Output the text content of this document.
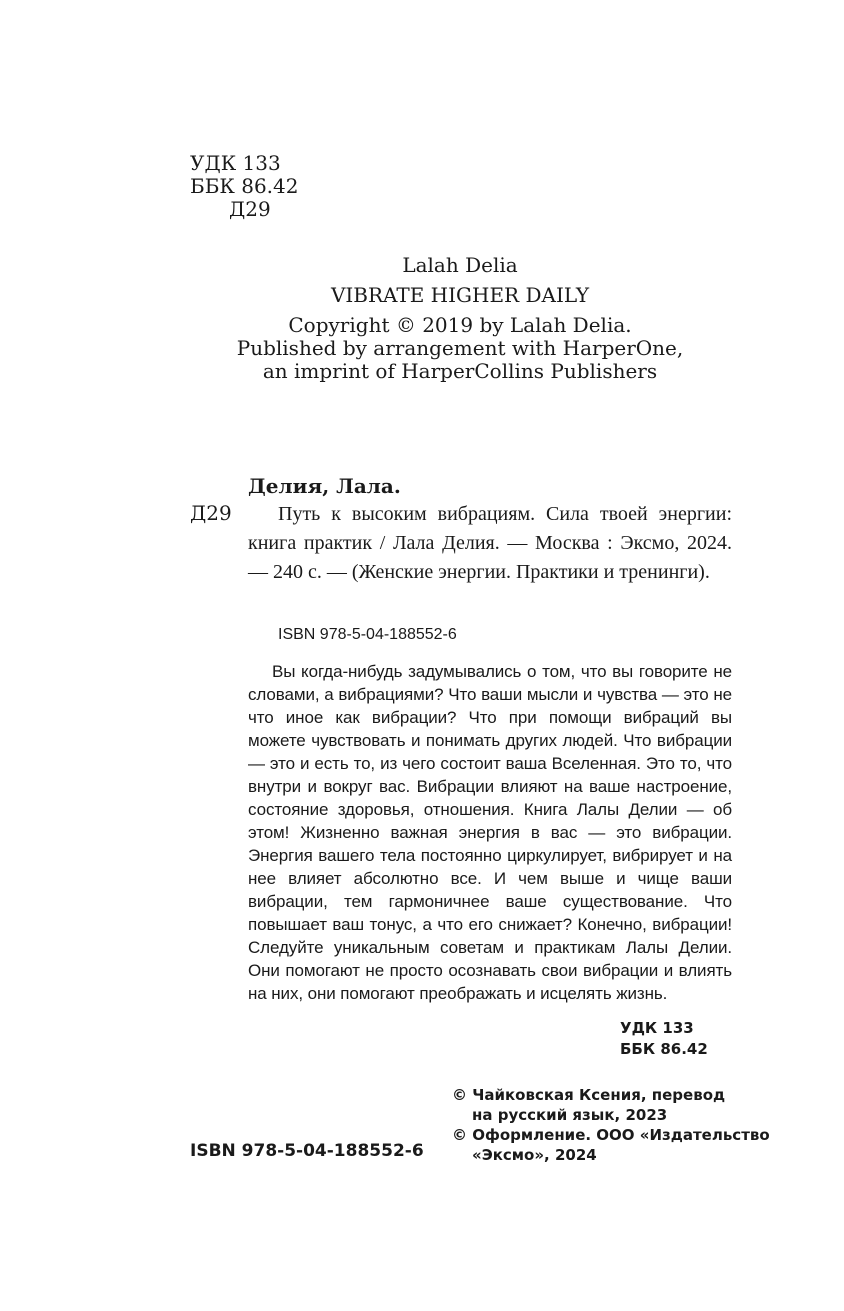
УДК 133
ББК 86.42
Д29
Lalah Delia
VIBRATE HIGHER DAILY
Copyright © 2019 by Lalah Delia.
Published by arrangement with HarperOne,
an imprint of HarperCollins Publishers
Делия, Лала.
Д29	Путь к высоким вибрациям. Сила твоей энергии: книга практик / Лала Делия. — Москва : Эксмо, 2024. — 240 с. — (Женские энергии. Практики и тренинги).
ISBN 978-5-04-188552-6
Вы когда-нибудь задумывались о том, что вы говорите не словами, а вибрациями? Что ваши мысли и чувства — это не что иное как вибрации? Что при помощи вибраций вы можете чувствовать и понимать других людей. Что вибрации — это и есть то, из чего состоит ваша Вселенная. Это то, что внутри и вокруг вас. Вибрации влияют на ваше настроение, состояние здоровья, отношения. Книга Лалы Делии — об этом! Жизненно важная энергия в вас — это вибрации. Энергия вашего тела постоянно циркулирует, вибрирует и на нее влияет абсолютно все. И чем выше и чище ваши вибрации, тем гармоничнее ваше существование. Что повышает ваш тонус, а что его снижает? Конечно, вибрации! Следуйте уникальным советам и практикам Лалы Делии. Они помогают не просто осознавать свои вибрации и влиять на них, они помогают преображать и исцелять жизнь.
УДК 133
ББК 86.42
© Чайковская Ксения, перевод
на русский язык, 2023
© Оформление. ООО «Издательство
«Эксмо», 2024
ISBN 978-5-04-188552-6
